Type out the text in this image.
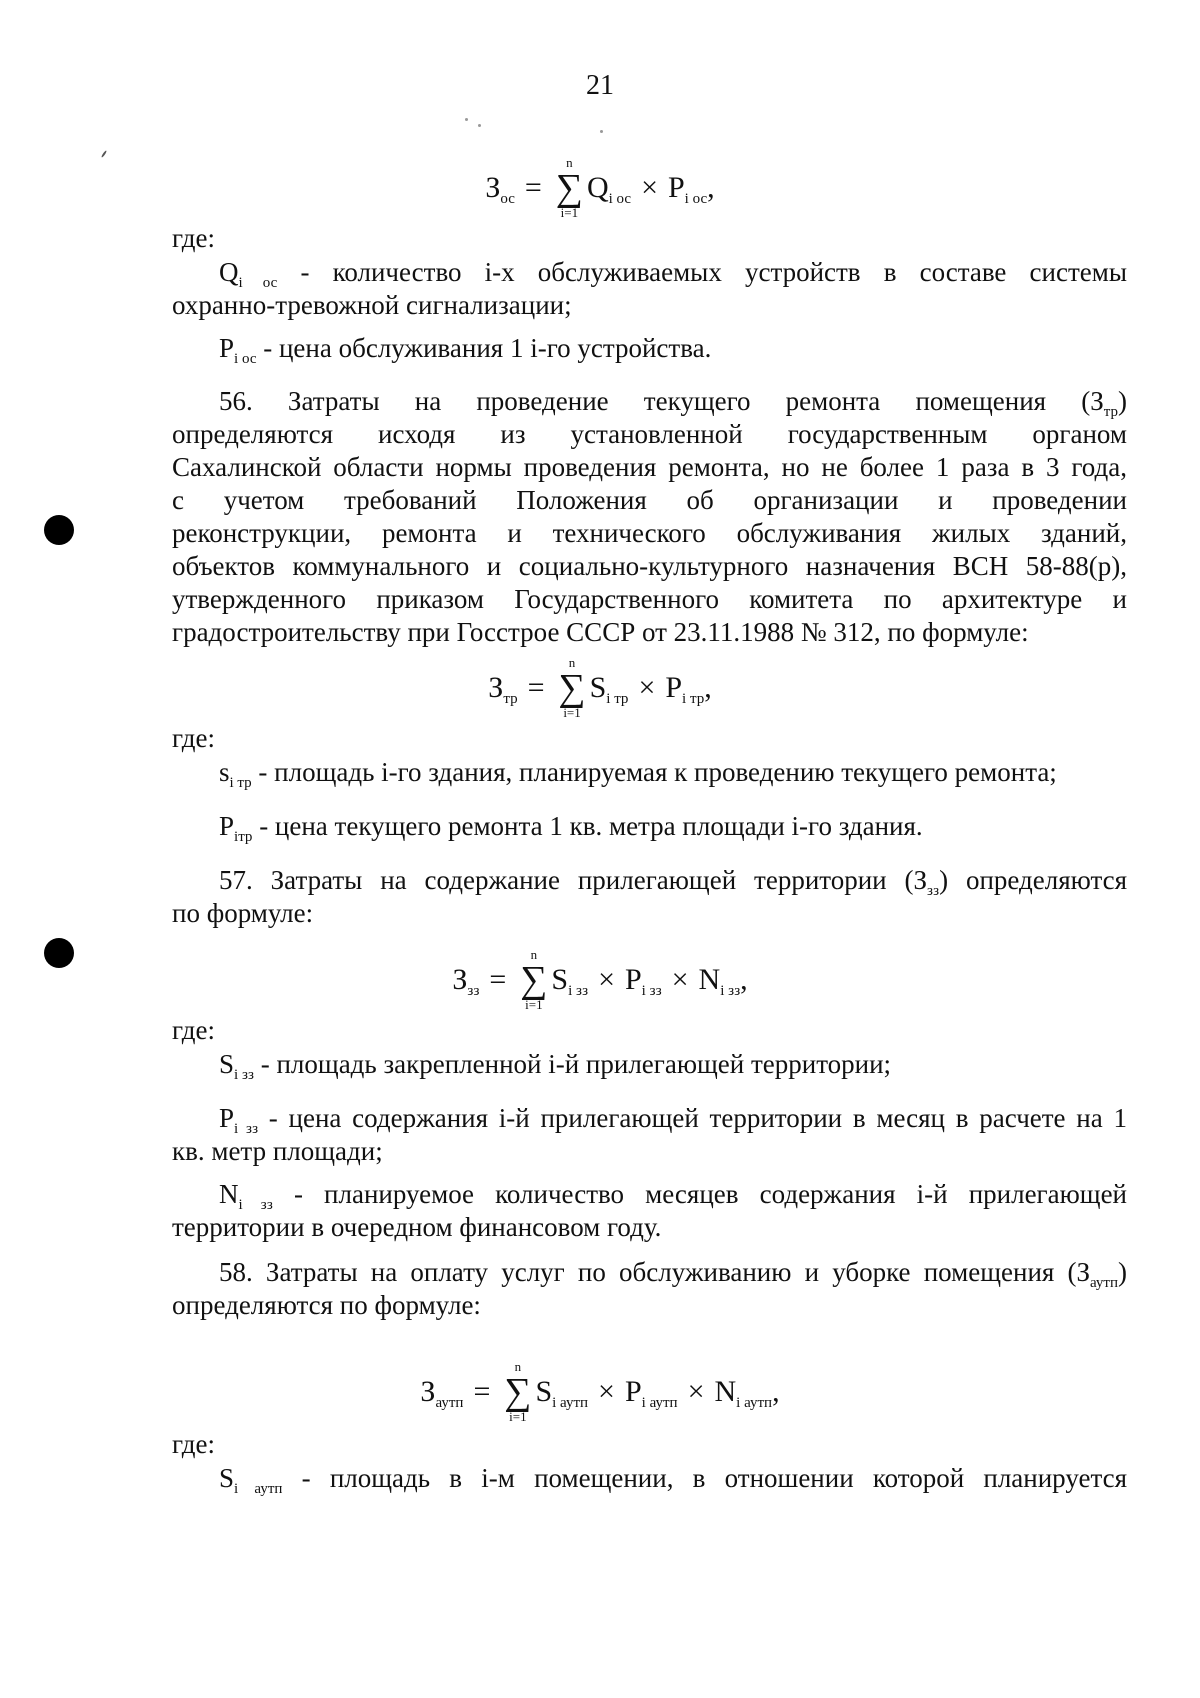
21
$З_{ос}$ =
n
∑
i=1
$Q_{i ос} \times P_{i ос}$,
где:
$Q_{i ос}$ - количество i-х обслуживаемых устройств в составе системы
охранно-тревожной сигнализации;
$P_{i ос}$ - цена обслуживания 1 i-го устройства.
56. Затраты на проведение текущего ремонта помещения $(З_{тр})$
определяются исходя из установленной государственным органом
Сахалинской области нормы проведения ремонта, но не более 1 раза в 3 года,
с учетом требований Положения об организации и проведении
реконструкции, ремонта и технического обслуживания жилых зданий,
объектов коммунального и социально-культурного назначения ВСН 58-88(р),
утвержденного приказом Государственного комитета по архитектуре и
градостроительству при Госстрое СССР от 23.11.1988 № 312, по формуле:
$З_{тр}$ =
n
∑
i=1
$S_{i тр} \times P_{i тр}$,
где:
$s_{i тр}$ - площадь i-го здания, планируемая к проведению текущего ремонта;
$P_{iтр}$ - цена текущего ремонта 1 кв. метра площади i-го здания.
57. Затраты на содержание прилегающей территории $(З_{зз})$ определяются
по формуле:
$З_{зз}$ =
n
∑
i=1
$S_{i зз} \times P_{i зз} \times N_{i зз}$,
где:
$S_{i зз}$ - площадь закрепленной i-й прилегающей территории;
$P_{i зз}$ - цена содержания i-й прилегающей территории в месяц в расчете на 1
кв. метр площади;
$N_{i зз}$ - планируемое количество месяцев содержания i-й прилегающей
территории в очередном финансовом году.
58. Затраты на оплату услуг по обслуживанию и уборке помещения $(З_{аутп})$
определяются по формуле:
$З_{аутп}$ =
n
∑
i=1
$S_{i аутп} \times P_{i аутп} \times N_{i аутп}$,
где:
$S_{i аутп}$ - площадь в i-м помещении, в отношении которой планируется
